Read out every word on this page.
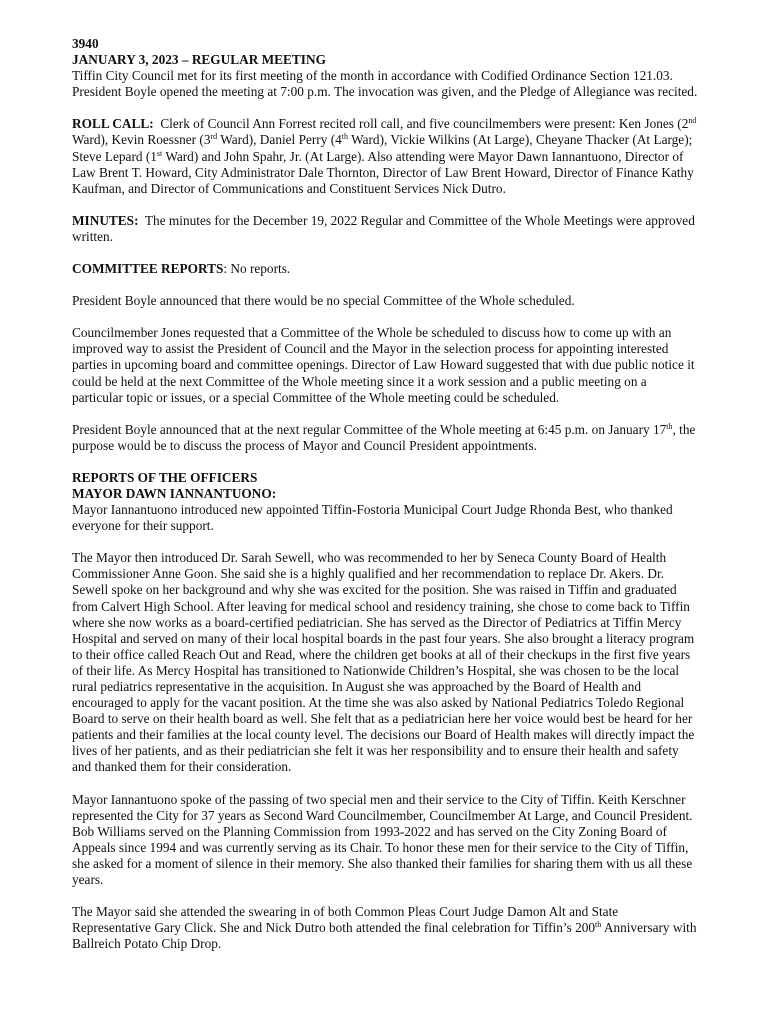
3940
JANUARY 3, 2023 – REGULAR MEETING

Tiffin City Council met for its first meeting of the month in accordance with Codified Ordinance Section 121.03. President Boyle opened the meeting at 7:00 p.m. The invocation was given, and the Pledge of Allegiance was recited.

ROLL CALL: Clerk of Council Ann Forrest recited roll call, and five councilmembers were present: Ken Jones (2nd Ward), Kevin Roessner (3rd Ward), Daniel Perry (4th Ward), Vickie Wilkins (At Large), Cheyane Thacker (At Large); Steve Lepard (1st Ward) and John Spahr, Jr. (At Large). Also attending were Mayor Dawn Iannantuono, Director of Law Brent T. Howard, City Administrator Dale Thornton, Director of Law Brent Howard, Director of Finance Kathy Kaufman, and Director of Communications and Constituent Services Nick Dutro.

MINUTES: The minutes for the December 19, 2022 Regular and Committee of the Whole Meetings were approved written.

COMMITTEE REPORTS: No reports.

President Boyle announced that there would be no special Committee of the Whole scheduled.

Councilmember Jones requested that a Committee of the Whole be scheduled to discuss how to come up with an improved way to assist the President of Council and the Mayor in the selection process for appointing interested parties in upcoming board and committee openings. Director of Law Howard suggested that with due public notice it could be held at the next Committee of the Whole meeting since it a work session and a public meeting on a particular topic or issues, or a special Committee of the Whole meeting could be scheduled.

President Boyle announced that at the next regular Committee of the Whole meeting at 6:45 p.m. on January 17th, the purpose would be to discuss the process of Mayor and Council President appointments.

REPORTS OF THE OFFICERS
MAYOR DAWN IANNANTUONO:

Mayor Iannantuono introduced new appointed Tiffin-Fostoria Municipal Court Judge Rhonda Best, who thanked everyone for their support.

The Mayor then introduced Dr. Sarah Sewell, who was recommended to her by Seneca County Board of Health Commissioner Anne Goon. She said she is a highly qualified and her recommendation to replace Dr. Akers. Dr. Sewell spoke on her background and why she was excited for the position. She was raised in Tiffin and graduated from Calvert High School. After leaving for medical school and residency training, she chose to come back to Tiffin where she now works as a board-certified pediatrician. She has served as the Director of Pediatrics at Tiffin Mercy Hospital and served on many of their local hospital boards in the past four years. She also brought a literacy program to their office called Reach Out and Read, where the children get books at all of their checkups in the first five years of their life. As Mercy Hospital has transitioned to Nationwide Children’s Hospital, she was chosen to be the local rural pediatrics representative in the acquisition. In August she was approached by the Board of Health and encouraged to apply for the vacant position. At the time she was also asked by National Pediatrics Toledo Regional Board to serve on their health board as well. She felt that as a pediatrician here her voice would best be heard for her patients and their families at the local county level. The decisions our Board of Health makes will directly impact the lives of her patients, and as their pediatrician she felt it was her responsibility and to ensure their health and safety and thanked them for their consideration.

Mayor Iannantuono spoke of the passing of two special men and their service to the City of Tiffin. Keith Kerschner represented the City for 37 years as Second Ward Councilmember, Councilmember At Large, and Council President. Bob Williams served on the Planning Commission from 1993-2022 and has served on the City Zoning Board of Appeals since 1994 and was currently serving as its Chair. To honor these men for their service to the City of Tiffin, she asked for a moment of silence in their memory. She also thanked their families for sharing them with us all these years.

The Mayor said she attended the swearing in of both Common Pleas Court Judge Damon Alt and State Representative Gary Click. She and Nick Dutro both attended the final celebration for Tiffin’s 200th Anniversary with Ballreich Potato Chip Drop.
